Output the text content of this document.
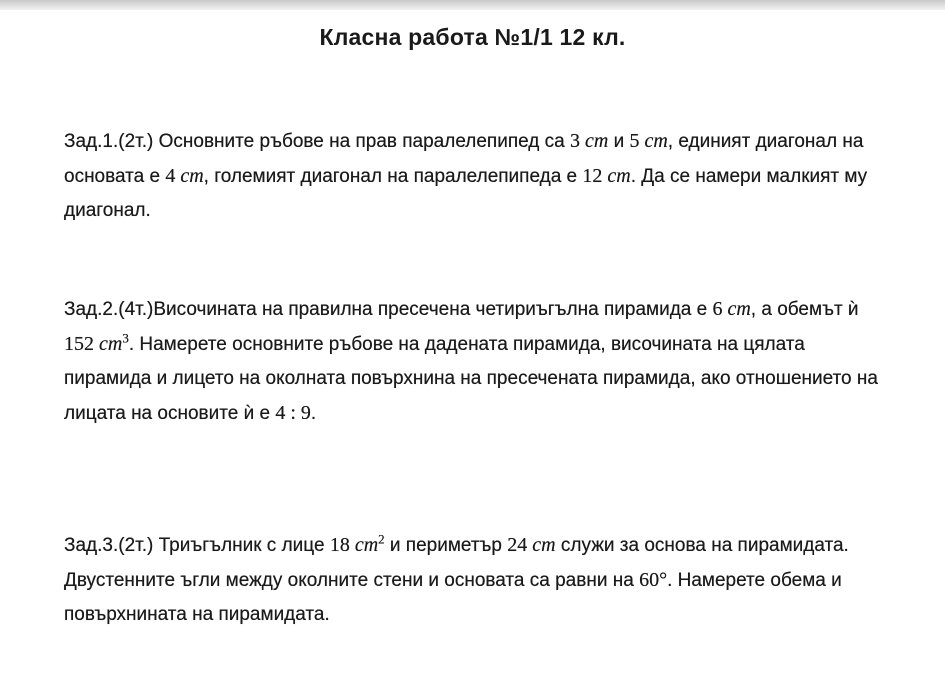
Класна работа №1/1 12 кл.

Зад.1.(2т.) Основните ръбове на прав паралелепипед са 3 cm и 5 cm, единият диагонал на основата е 4 cm, големият диагонал на паралелепипеда е 12 cm. Да се намери малкият му диагонал.

Зад.2.(4т.)Височината на правилна пресечена четириъгълна пирамида е 6 cm, а обемът ѝ 152 $cm^3$. Намерете основните ръбове на дадената пирамида, височината на цялата пирамида и лицето на околната повърхнина на пресечената пирамида, ако отношението на лицата на основите ѝ е 4 : 9.

Зад.3.(2т.) Триъгълник с лице 18 $cm^2$ и периметър 24 cm служи за основа на пирамидата. Двустенните ъгли между околните стени и основата са равни на 60°. Намерете обема и повърхнината на пирамидата.
